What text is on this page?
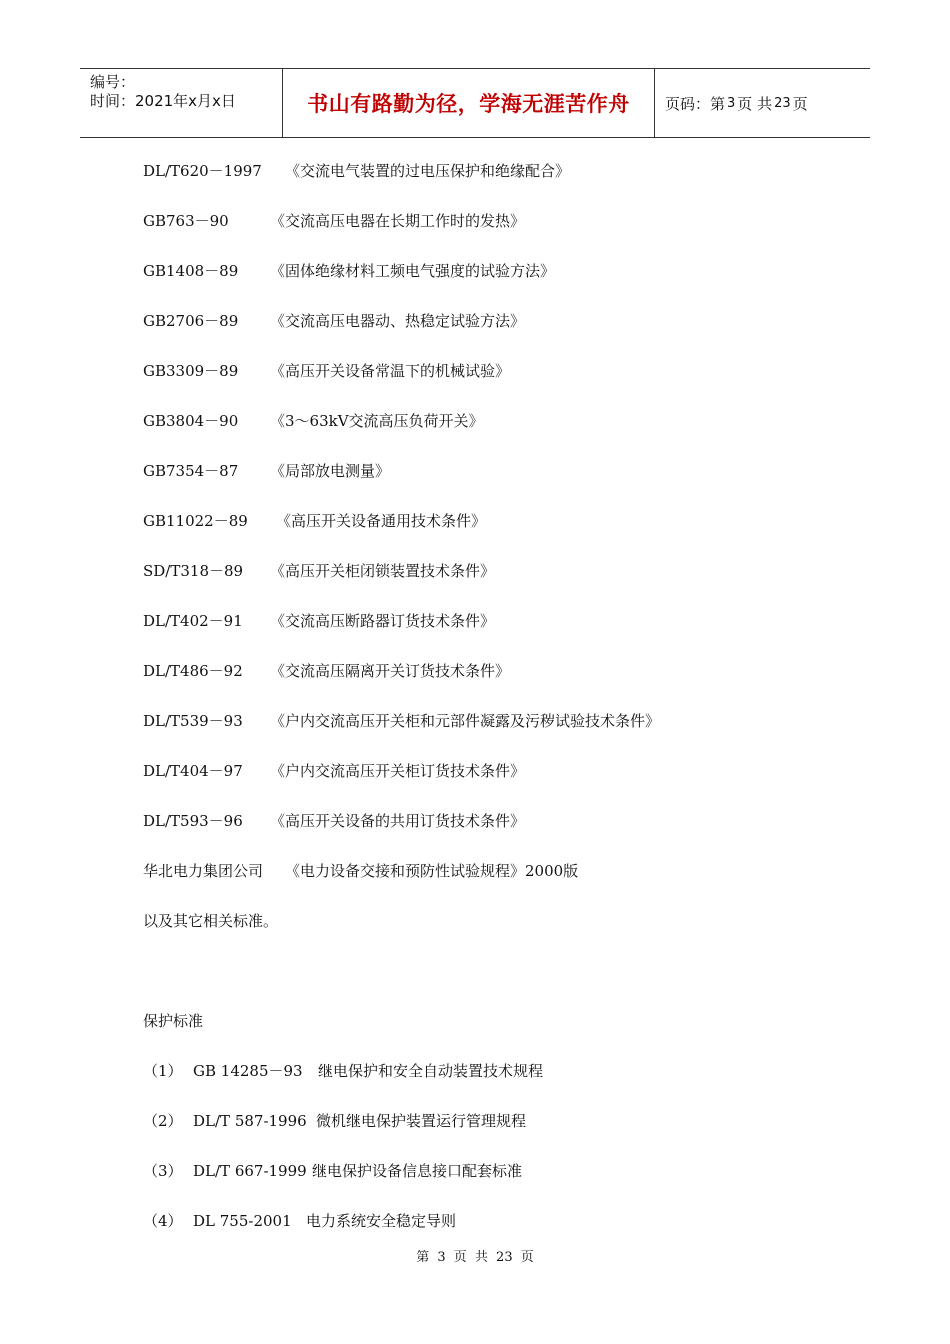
编号：
时间：2021年x月x日	书山有路勤为径，学海无涯苦作舟	页码：第 3 页 共 23 页
DL/T620－1997 《交流电气装置的过电压保护和绝缘配合》
GB763－90	《交流高压电器在长期工作时的发热》
GB1408－89 《固体绝缘材料工频电气强度的试验方法》
GB2706－89 《交流高压电器动、热稳定试验方法》
GB3309－89 《高压开关设备常温下的机械试验》
GB3804－90 《3～63kV交流高压负荷开关》
GB7354－87 《局部放电测量》
GB11022－89 《高压开关设备通用技术条件》
SD/T318－89 《高压开关柜闭锁装置技术条件》
DL/T402－91 《交流高压断路器订货技术条件》
DL/T486－92 《交流高压隔离开关订货技术条件》
DL/T539－93 《户内交流高压开关柜和元部件凝露及污秽试验技术条件》
DL/T404－97 《户内交流高压开关柜订货技术条件》
DL/T593－96 《高压开关设备的共用订货技术条件》
华北电力集团公司 《电力设备交接和预防性试验规程》2000版
以及其它相关标准。
保护标准
（1） GB 14285－93 继电保护和安全自动装置技术规程
（2） DL/T 587-1996 微机继电保护装置运行管理规程
（3） DL/T 667-1999 继电保护设备信息接口配套标准
（4） DL 755-2001 电力系统安全稳定导则
第 3 页 共 23 页
